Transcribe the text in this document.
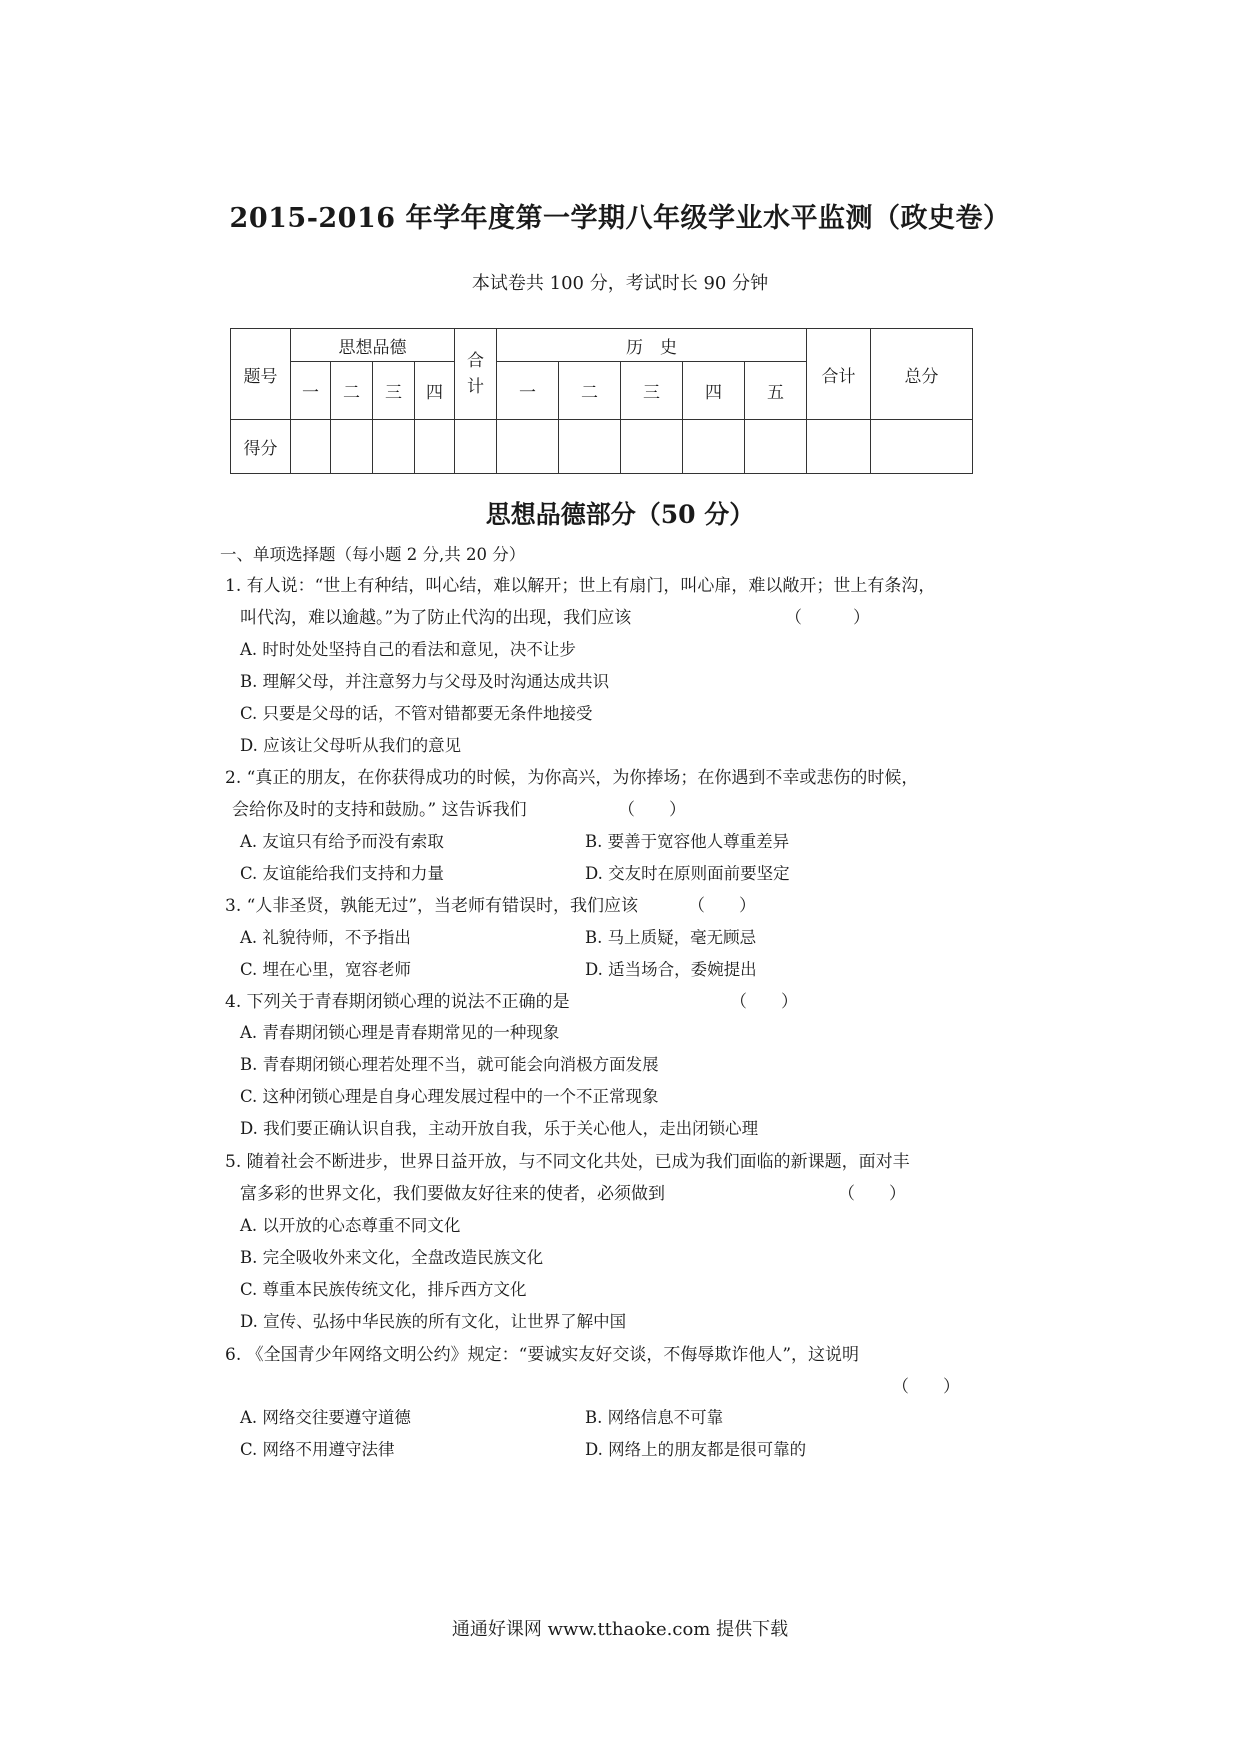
2015-2016 年学年度第一学期八年级学业水平监测（政史卷）
本试卷共 100 分，考试时长 90 分钟
题号	思想品德				合计	历　史					合计	总分
	一	二	三	四		一	二	三	四	五		
得分												
思想品德部分（50 分）
一、单项选择题（每小题 2 分,共 20 分）
1. 有人说：“世上有种结，叫心结，难以解开；世上有扇门，叫心扉，难以敞开；世上有条沟，
叫代沟，难以逾越。”为了防止代沟的出现，我们应该	（　　　）
A. 时时处处坚持自己的看法和意见，决不让步
B. 理解父母，并注意努力与父母及时沟通达成共识
C. 只要是父母的话，不管对错都要无条件地接受
D. 应该让父母听从我们的意见
2. “真正的朋友，在你获得成功的时候，为你高兴，为你捧场；在你遇到不幸或悲伤的时候，
会给你及时的支持和鼓励。” 这告诉我们	（　　）
A. 友谊只有给予而没有索取	B. 要善于宽容他人尊重差异
C. 友谊能给我们支持和力量	D. 交友时在原则面前要坚定
3. “人非圣贤，孰能无过”，当老师有错误时，我们应该	（　　）
A. 礼貌待师，不予指出	B. 马上质疑，毫无顾忌
C. 埋在心里，宽容老师	D. 适当场合，委婉提出
4. 下列关于青春期闭锁心理的说法不正确的是	（　　）
A. 青春期闭锁心理是青春期常见的一种现象
B. 青春期闭锁心理若处理不当，就可能会向消极方面发展
C. 这种闭锁心理是自身心理发展过程中的一个不正常现象
D. 我们要正确认识自我，主动开放自我，乐于关心他人，走出闭锁心理
5. 随着社会不断进步，世界日益开放，与不同文化共处，已成为我们面临的新课题，面对丰
富多彩的世界文化，我们要做友好往来的使者，必须做到	（　　）
A. 以开放的心态尊重不同文化
B. 完全吸收外来文化，全盘改造民族文化
C. 尊重本民族传统文化，排斥西方文化
D. 宣传、弘扬中华民族的所有文化，让世界了解中国
6. 《全国青少年网络文明公约》规定：“要诚实友好交谈，不侮辱欺诈他人”，这说明
（　　）
A. 网络交往要遵守道德	B. 网络信息不可靠
C. 网络不用遵守法律	D. 网络上的朋友都是很可靠的
通通好课网 www.tthaoke.com 提供下载
